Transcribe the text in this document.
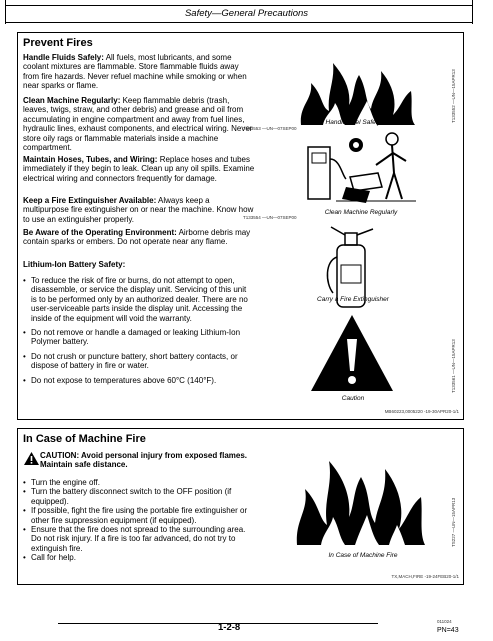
Safety—General Precautions
Prevent Fires
Handle Fluids Safely: All fuels, most lubricants, and some coolant mixtures are flammable. Store flammable fluids away from fire hazards. Never refuel machine while smoking or when near sparks or flame.
Clean Machine Regularly: Keep flammable debris (trash, leaves, twigs, straw, and other debris) and grease and oil from accumulating in engine compartment and away from fuel lines, hydraulic lines, exhaust components, and electrical wiring. Never store oily rags or flammable materials inside a machine compartment.
Maintain Hoses, Tubes, and Wiring: Replace hoses and tubes immediately if they begin to leak. Clean up any oil spills. Examine electrical wiring and connectors frequently for damage.
Keep a Fire Extinguisher Available: Always keep a multipurpose fire extinguisher on or near the machine. Know how to use an extinguisher properly.
Be Aware of the Operating Environment: Airborne debris may contain sparks or embers. Do not operate near any flame.
Lithium-Ion Battery Safety:
• To reduce the risk of fire or burns, do not attempt to open, disassemble, or service the display unit. Servicing of this unit is to be performed only by an authorized dealer. There are no user-serviceable parts inside the display unit. Accessing the inside of the equipment will void the warranty.
• Do not remove or handle a damaged or leaking Lithium-Ion Polymer battery.
• Do not crush or puncture battery, short battery contacts, or dispose of battery in fire or water.
• Do not expose to temperatures above 60°C (140°F).
Handle Fuel Safely
T133553 —UN—07SEP00
T133552 —UN—15APR13
Clean Machine Regularly
T133554 —UN—07SEP00
Carry a Fire Extinguisher
Caution
T133561 —UN—15APR13
MB60223,0005220 -19-30APR20-1/1
In Case of Machine Fire
CAUTION: Avoid personal injury from exposed flames. Maintain safe distance.
• Turn the engine off.
• Turn the battery disconnect switch to the OFF position (if equipped).
• If possible, fight the fire using the portable fire extinguisher or other fire suppression equipment (if equipped).
• Ensure that the fire does not spread to the surrounding area. Do not risk injury. If a fire is too far advanced, do not try to extinguish fire.
• Call for help.	In Case of Machine Fire
TS227 —UN—15APR13
TX,MACH,FIRE -19-24FEB20-1/1
1-2-8
011024
PN=43
